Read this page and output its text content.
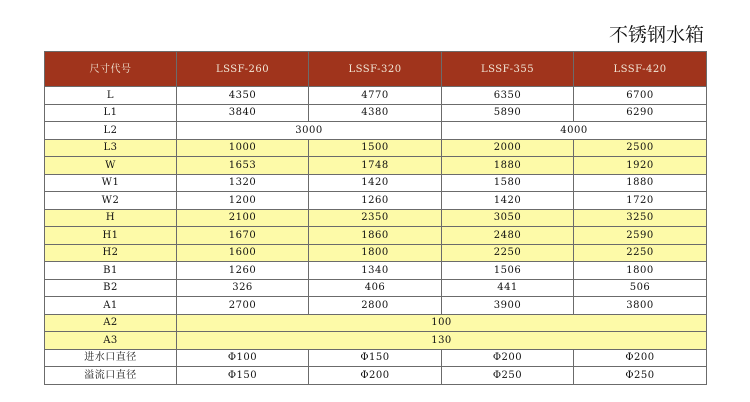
不锈钢水箱
尺寸代号	LSSF-260	LSSF-320	LSSF-355	LSSF-420
L	4350	4770	6350	6700
L1	3840	4380	5890	6290
L2	3000		4000	
L3	1000	1500	2000	2500
W	1653	1748	1880	1920
W1	1320	1420	1580	1880
W2	1200	1260	1420	1720
H	2100	2350	3050	3250
H1	1670	1860	2480	2590
H2	1600	1800	2250	2250
B1	1260	1340	1506	1800
B2	326	406	441	506
A1	2700	2800	3900	3800
A2	100			
A3	130			
进水口直径	Φ100	Φ150	Φ200	Φ200
溢流口直径	Φ150	Φ200	Φ250	Φ250
